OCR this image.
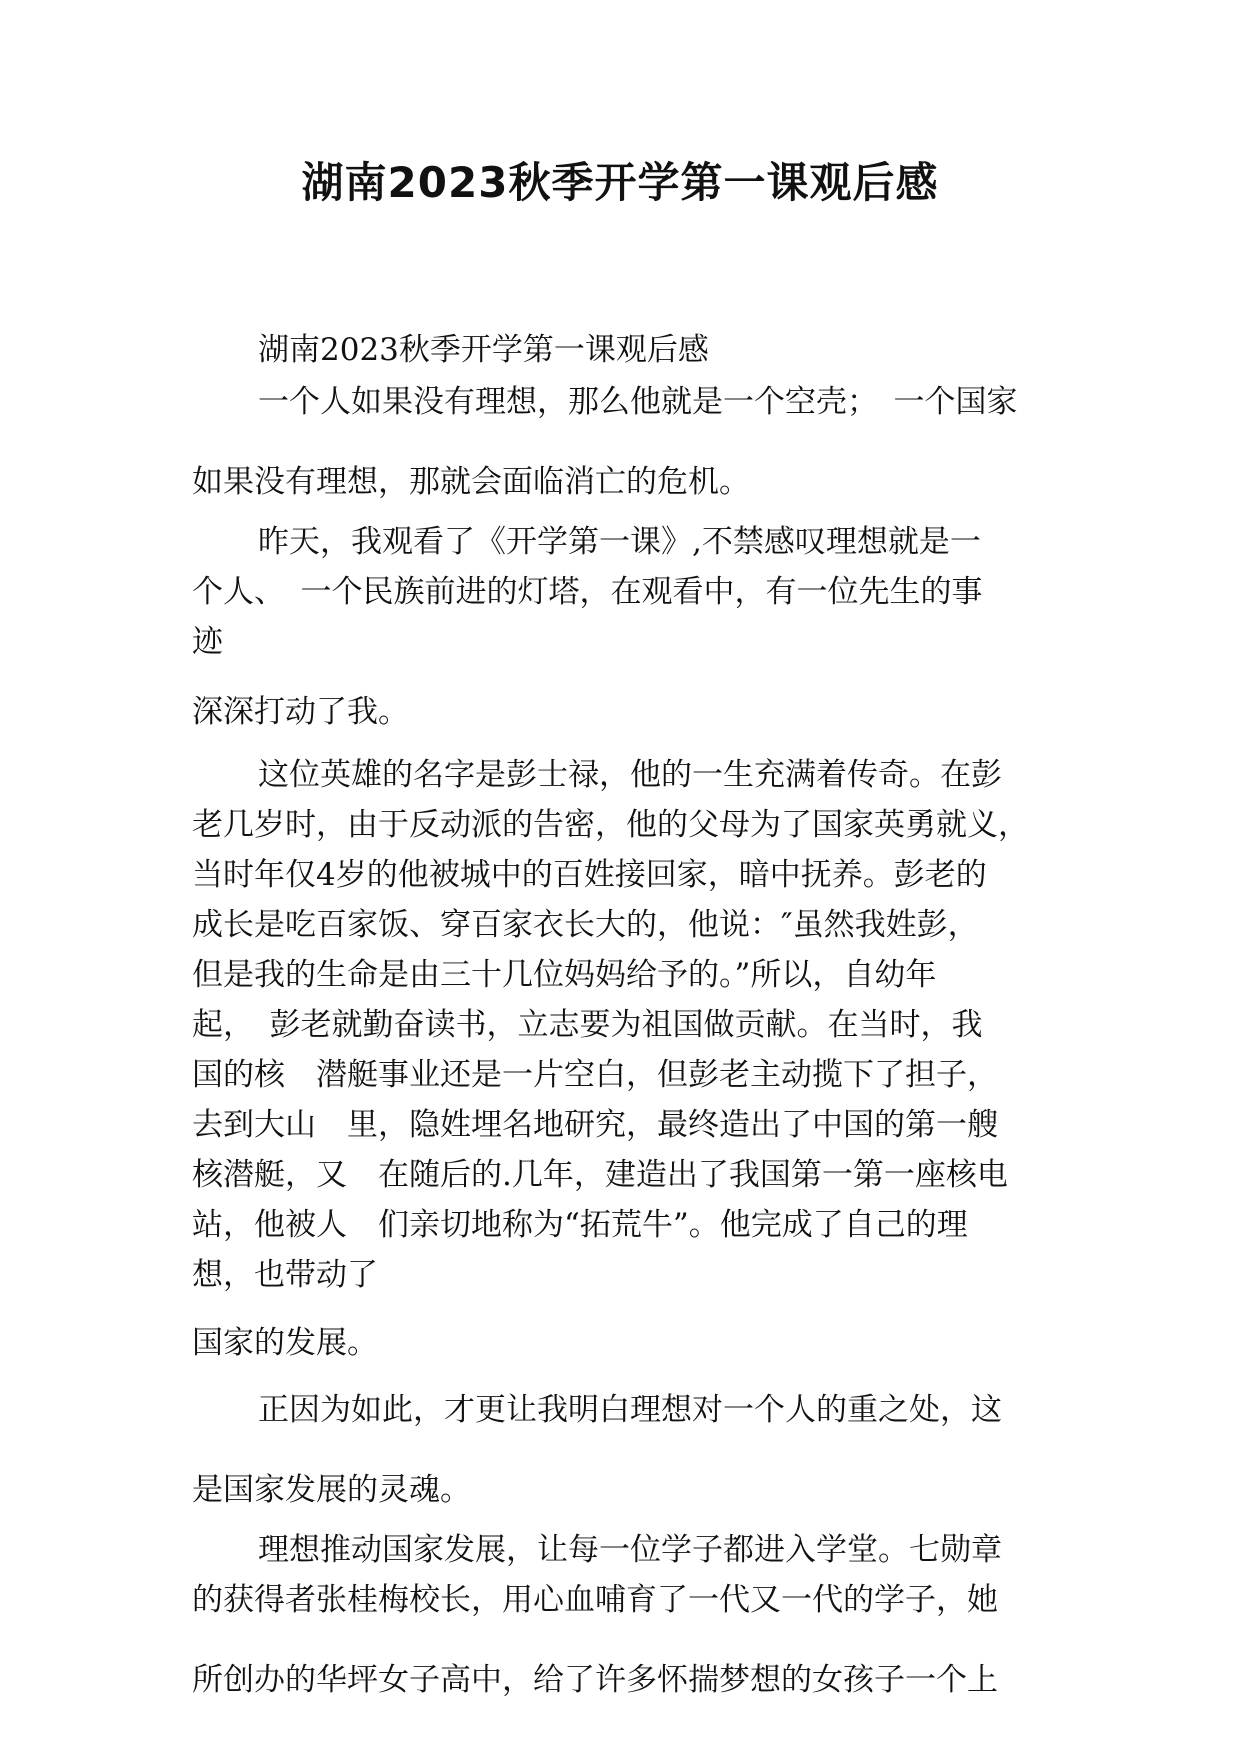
湖南2023秋季开学第一课观后感

湖南2023秋季开学第一课观后感

一个人如果没有理想，那么他就是一个空壳；　一个国家

如果没有理想，那就会面临消亡的危机。

昨天，我观看了《开学第一课》,不禁感叹理想就是一

个人、　一个民族前进的灯塔，在观看中，有一位先生的事

迹

深深打动了我。

这位英雄的名字是彭士禄，他的一生充满着传奇。在彭

老几岁时，由于反动派的告密，他的父母为了国家英勇就义，

当时年仅4岁的他被城中的百姓接回家，暗中抚养。彭老的

成长是吃百家饭、穿百家衣长大的，他说：″虽然我姓彭，

但是我的生命是由三十几位妈妈给予的。”所以，自幼年

起，　彭老就勤奋读书，立志要为祖国做贡献。在当时，我

国的核　潜艇事业还是一片空白，但彭老主动揽下了担子，

去到大山　里，隐姓埋名地研究，最终造出了中国的第一艘

核潜艇，又　在随后的.几年，建造出了我国第一第一座核电

站，他被人　们亲切地称为“拓荒牛”。他完成了自己的理

想，也带动了

国家的发展。

正因为如此，才更让我明白理想对一个人的重之处，这

是国家发展的灵魂。

理想推动国家发展，让每一位学子都进入学堂。七勋章

的获得者张桂梅校长，用心血哺育了一代又一代的学子，她

所创办的华坪女子高中，给了许多怀揣梦想的女孩子一个上
